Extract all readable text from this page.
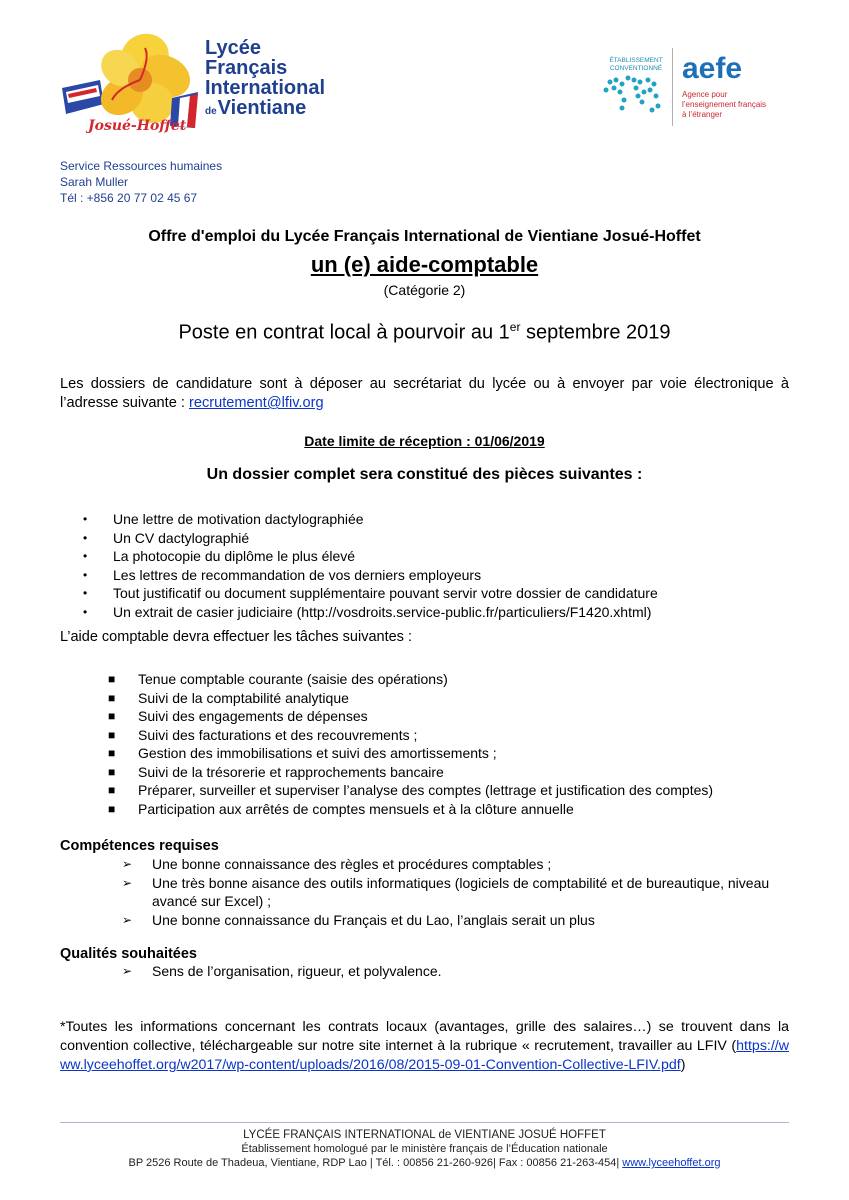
Lycée
Français
International
deVientiane
Josué-Hoffet
ÉTABLISSEMENT CONVENTIONNÉ aefe
Agence pour
l’enseignement français
à l’étranger
Service Ressources humaines
Sarah Muller
Tél : +856 20 77 02 45 67
Offre d'emploi du Lycée Français International de Vientiane Josué-Hoffet
un (e) aide-comptable
(Catégorie 2)
Poste en contrat local à pourvoir au 1er septembre 2019
Les dossiers de candidature sont à déposer au secrétariat du lycée ou à envoyer par voie électronique à l’adresse suivante : recrutement@lfiv.org
Date limite de réception : 01/06/2019
Un dossier complet sera constitué des pièces suivantes :
• Une lettre de motivation dactylographiée
• Un CV dactylographié
• La photocopie du diplôme le plus élevé
• Les lettres de recommandation de vos derniers employeurs
• Tout justificatif ou document supplémentaire pouvant servir votre dossier de candidature
• Un extrait de casier judiciaire (http://vosdroits.service-public.fr/particuliers/F1420.xhtml)
L’aide comptable devra effectuer les tâches suivantes :
■ Tenue comptable courante (saisie des opérations)
■ Suivi de la comptabilité analytique
■ Suivi des engagements de dépenses
■ Suivi des facturations et des recouvrements ;
■ Gestion des immobilisations et suivi des amortissements ;
■ Suivi de la trésorerie et rapprochements bancaire
■ Préparer, surveiller et superviser l’analyse des comptes (lettrage et justification des comptes)
■ Participation aux arrêtés de comptes mensuels et à la clôture annuelle
Compétences requises
➢ Une bonne connaissance des règles et procédures comptables ;
➢ Une très bonne aisance des outils informatiques (logiciels de comptabilité et de bureautique, niveau avancé sur Excel) ;
➢ Une bonne connaissance du Français et du Lao, l’anglais serait un plus
Qualités souhaitées
➢ Sens de l’organisation, rigueur, et polyvalence.
*Toutes les informations concernant les contrats locaux (avantages, grille des salaires…) se trouvent dans la convention collective, téléchargeable sur notre site internet à la rubrique « recrutement, travailler au LFIV (https://www.lyceehoffet.org/w2017/wp-content/uploads/2016/08/2015-09-01-Convention-Collective-LFIV.pdf)
LYCÉE FRANÇAIS INTERNATIONAL de VIENTIANE JOSUÉ HOFFET
Établissement homologué par le ministère français de l’Éducation nationale
BP 2526 Route de Thadeua, Vientiane, RDP Lao | Tél. : 00856 21-260-926| Fax : 00856 21-263-454| www.lyceehoffet.org
